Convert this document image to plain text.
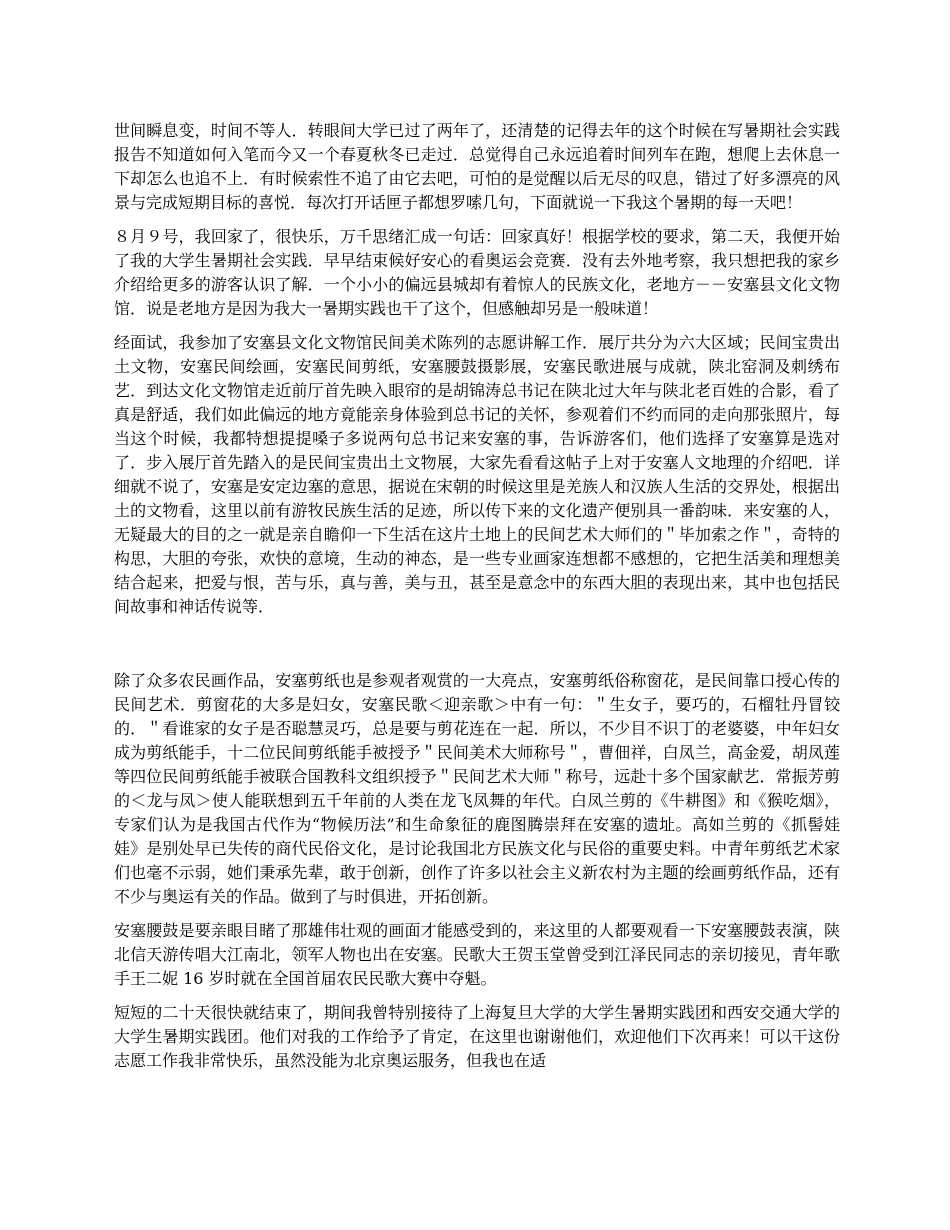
世间瞬息变，时间不等人．转眼间大学已过了两年了，还清楚的记得去年的这个时候在写暑期社会实践报告不知道如何入笔而今又一个春夏秋冬已走过．总觉得自己永远追着时间列车在跑，想爬上去休息一下却怎么也追不上．有时候索性不追了由它去吧，可怕的是觉醒以后无尽的叹息，错过了好多漂亮的风景与完成短期目标的喜悦．每次打开话匣子都想罗嗦几句，下面就说一下我这个暑期的每一天吧！

８月９号，我回家了，很快乐，万千思绪汇成一句话：回家真好！根据学校的要求，第二天，我便开始了我的大学生暑期社会实践．早早结束候好安心的看奥运会竞赛．没有去外地考察，我只想把我的家乡介绍给更多的游客认识了解．一个小小的偏远县城却有着惊人的民族文化，老地方－－安塞县文化文物馆．说是老地方是因为我大一暑期实践也干了这个，但感触却另是一般味道！

经面试，我参加了安塞县文化文物馆民间美术陈列的志愿讲解工作．展厅共分为六大区域；民间宝贵出土文物，安塞民间绘画，安塞民间剪纸，安塞腰鼓摄影展，安塞民歌进展与成就，陕北窑洞及刺绣布艺．到达文化文物馆走近前厅首先映入眼帘的是胡锦涛总书记在陕北过大年与陕北老百姓的合影，看了真是舒适，我们如此偏远的地方竟能亲身体验到总书记的关怀，参观着们不约而同的走向那张照片，每当这个时候，我都特想提提嗓子多说两句总书记来安塞的事，告诉游客们，他们选择了安塞算是选对了．步入展厅首先踏入的是民间宝贵出土文物展，大家先看看这帖子上对于安塞人文地理的介绍吧．详细就不说了，安塞是安定边塞的意思，据说在宋朝的时候这里是羌族人和汉族人生活的交界处，根据出土的文物看，这里以前有游牧民族生活的足迹，所以传下来的文化遗产便别具一番韵味．来安塞的人，无疑最大的目的之一就是亲自瞻仰一下生活在这片土地上的民间艺术大师们的＂毕加索之作＂，奇特的构思，大胆的夸张，欢快的意境，生动的神态，是一些专业画家连想都不感想的，它把生活美和理想美结合起来，把爱与恨，苦与乐，真与善，美与丑，甚至是意念中的东西大胆的表现出来，其中也包括民间故事和神话传说等．

除了众多农民画作品，安塞剪纸也是参观者观赏的一大亮点，安塞剪纸俗称窗花，是民间靠口授心传的民间艺术．剪窗花的大多是妇女，安塞民歌＜迎亲歌＞中有一句：＂生女子，要巧的，石榴牡丹冒铰的．＂看谁家的女子是否聪慧灵巧，总是要与剪花连在一起．所以，不少目不识丁的老婆婆，中年妇女成为剪纸能手，十二位民间剪纸能手被授予＂民间美术大师称号＂，曹佃祥，白凤兰，高金爱，胡凤莲等四位民间剪纸能手被联合国教科文组织授予＂民间艺术大师＂称号，远赴十多个国家献艺．常振芳剪的＜龙与凤＞使人能联想到五千年前的人类在龙飞凤舞的年代。白凤兰剪的《牛耕图》和《猴吃烟》，专家们认为是我国古代作为“物候历法”和生命象征的鹿图腾崇拜在安塞的遗址。高如兰剪的《抓髻娃娃》是别处早已失传的商代民俗文化，是讨论我国北方民族文化与民俗的重要史料。中青年剪纸艺术家们也毫不示弱，她们秉承先辈，敢于创新，创作了许多以社会主义新农村为主题的绘画剪纸作品，还有不少与奥运有关的作品。做到了与时俱进，开拓创新。

安塞腰鼓是要亲眼目睹了那雄伟壮观的画面才能感受到的，来这里的人都要观看一下安塞腰鼓表演，陕北信天游传唱大江南北，领军人物也出在安塞。民歌大王贺玉堂曾受到江泽民同志的亲切接见，青年歌手王二妮 16 岁时就在全国首届农民民歌大赛中夺魁。

短短的二十天很快就结束了，期间我曾特别接待了上海复旦大学的大学生暑期实践团和西安交通大学的大学生暑期实践团。他们对我的工作给予了肯定，在这里也谢谢他们，欢迎他们下次再来！可以干这份志愿工作我非常快乐，虽然没能为北京奥运服务，但我也在适
